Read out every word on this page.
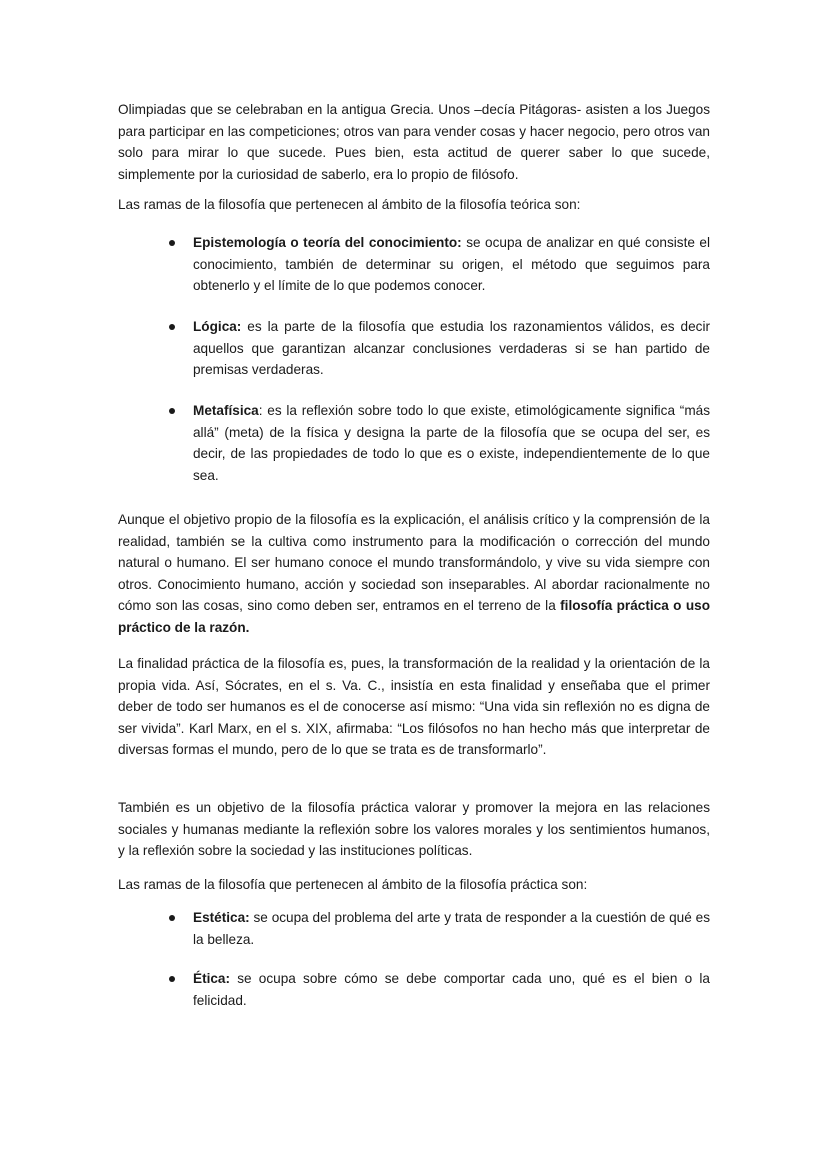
Olimpiadas que se celebraban en la antigua Grecia. Unos –decía Pitágoras- asisten a los Juegos para participar en las competiciones; otros van para vender cosas y hacer negocio, pero otros van solo para mirar lo que sucede. Pues bien, esta actitud de querer saber lo que sucede, simplemente por la curiosidad de saberlo, era lo propio de filósofo.

Las ramas de la filosofía que pertenecen al ámbito de la filosofía teórica son:

Epistemología o teoría del conocimiento: se ocupa de analizar en qué consiste el conocimiento, también de determinar su origen, el método que seguimos para obtenerlo y el límite de lo que podemos conocer.
Lógica: es la parte de la filosofía que estudia los razonamientos válidos, es decir aquellos que garantizan alcanzar conclusiones verdaderas si se han partido de premisas verdaderas.
Metafísica: es la reflexión sobre todo lo que existe, etimológicamente significa “más allá” (meta) de la física y designa la parte de la filosofía que se ocupa del ser, es decir, de las propiedades de todo lo que es o existe, independientemente de lo que sea.

Aunque el objetivo propio de la filosofía es la explicación, el análisis crítico y la comprensión de la realidad, también se la cultiva como instrumento para la modificación o corrección del mundo natural o humano. El ser humano conoce el mundo transformándolo, y vive su vida siempre con otros. Conocimiento humano, acción y sociedad son inseparables. Al abordar racionalmente no cómo son las cosas, sino como deben ser, entramos en el terreno de la filosofía práctica o uso práctico de la razón.

La finalidad práctica de la filosofía es, pues, la transformación de la realidad y la orientación de la propia vida. Así, Sócrates, en el s. Va. C., insistía en esta finalidad y enseñaba que el primer deber de todo ser humanos es el de conocerse así mismo: “Una vida sin reflexión no es digna de ser vivida”. Karl Marx, en el s. XIX, afirmaba: “Los filósofos no han hecho más que interpretar de diversas formas el mundo, pero de lo que se trata es de transformarlo”.

También es un objetivo de la filosofía práctica valorar y promover la mejora en las relaciones sociales y humanas mediante la reflexión sobre los valores morales y los sentimientos humanos, y la reflexión sobre la sociedad y las instituciones políticas.

Las ramas de la filosofía que pertenecen al ámbito de la filosofía práctica son:

Estética: se ocupa del problema del arte y trata de responder a la cuestión de qué es la belleza.
Ética: se ocupa sobre cómo se debe comportar cada uno, qué es el bien o la felicidad.
